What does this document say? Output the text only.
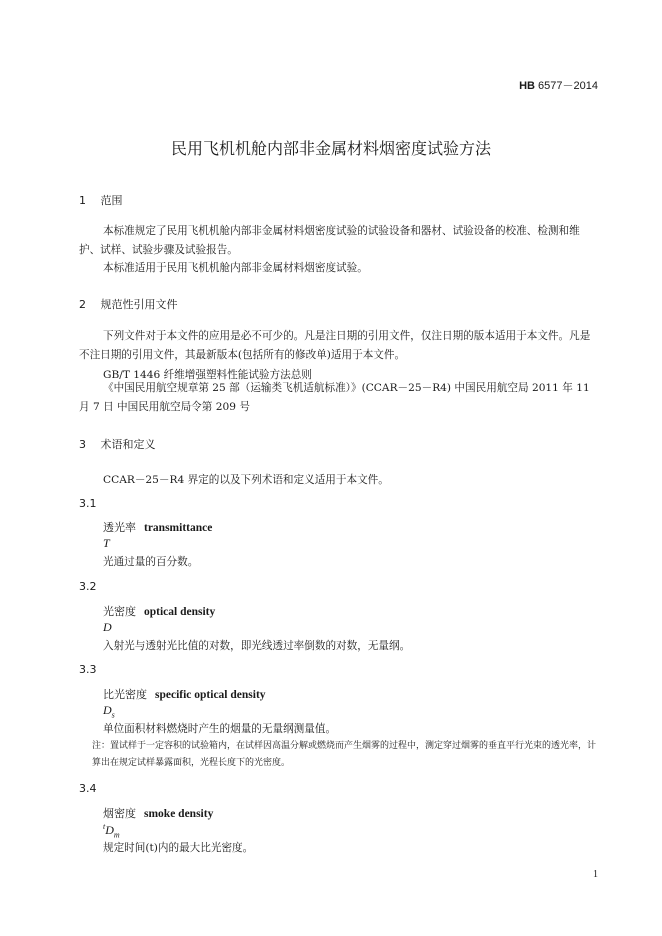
HB 6577－2014
民用飞机机舱内部非金属材料烟密度试验方法
1 范围
本标准规定了民用飞机机舱内部非金属材料烟密度试验的试验设备和器材、试验设备的校准、检测和维护、试样、试验步骤及试验报告。
本标准适用于民用飞机机舱内部非金属材料烟密度试验。
2 规范性引用文件
下列文件对于本文件的应用是必不可少的。凡是注日期的引用文件，仅注日期的版本适用于本文件。凡是不注日期的引用文件，其最新版本(包括所有的修改单)适用于本文件。
GB/T 1446 纤维增强塑料性能试验方法总则
《中国民用航空规章第 25 部（运输类飞机适航标准）》(CCAR－25－R4) 中国民用航空局 2011 年 11 月 7 日 中国民用航空局令第 209 号
3 术语和定义
CCAR－25－R4 界定的以及下列术语和定义适用于本文件。
3.1
透光率 transmittance
T
光通过量的百分数。
3.2
光密度 optical density
D
入射光与透射光比值的对数，即光线透过率倒数的对数，无量纲。
3.3
比光密度 specific optical density
$D_s$
单位面积材料燃烧时产生的烟量的无量纲测量值。
注：置试样于一定容积的试验箱内，在试样因高温分解或燃烧而产生烟雾的过程中，测定穿过烟雾的垂直平行光束的透光率，计算出在规定试样暴露面积，光程长度下的光密度。
3.4
烟密度 smoke density
$^tD_m$
规定时间(t)内的最大比光密度。
1
